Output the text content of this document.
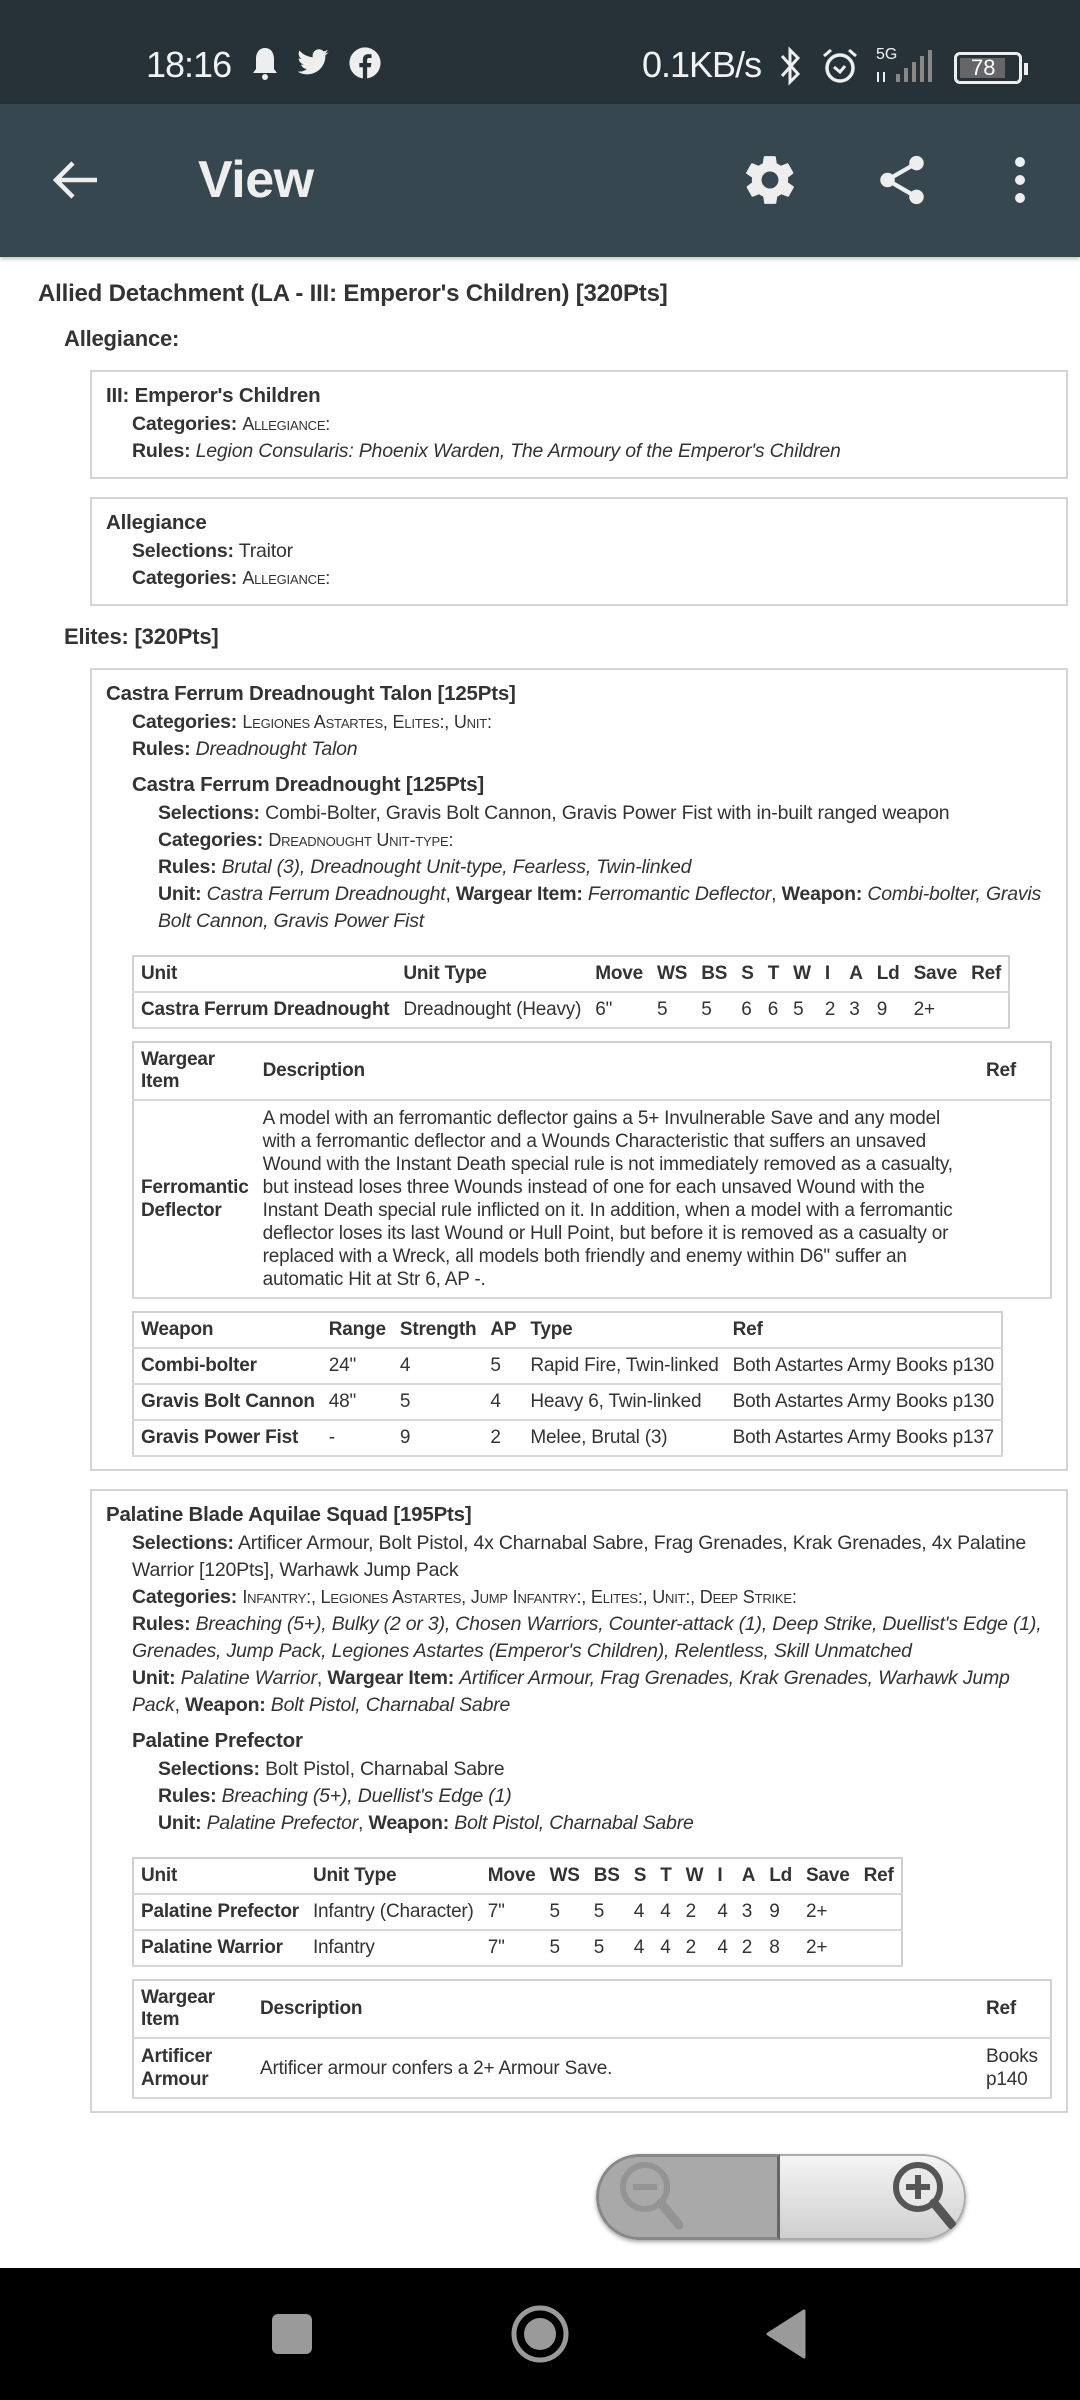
18:16	0.1KB/s	5G
78
View
Allied Detachment (LA - III: Emperor's Children) [320Pts]
Allegiance:
III: Emperor's Children
Categories: Allegiance:
Rules: Legion Consularis: Phoenix Warden, The Armoury of the Emperor's Children
Allegiance
Selections: Traitor
Categories: Allegiance:
Elites: [320Pts]
Castra Ferrum Dreadnought Talon [125Pts]
Categories: Legiones Astartes, Elites:, Unit:
Rules: Dreadnought Talon
Castra Ferrum Dreadnought [125Pts]
Selections: Combi-Bolter, Gravis Bolt Cannon, Gravis Power Fist with in-built ranged weapon
Categories: Dreadnought Unit-type:
Rules: Brutal (3), Dreadnought Unit-type, Fearless, Twin-linked
Unit: Castra Ferrum Dreadnought, Wargear Item: Ferromantic Deflector, Weapon: Combi-bolter, Gravis Bolt Cannon, Gravis Power Fist
Unit	Unit Type	Move	WS	BS	S	T	W	I	A	Ld	Save	Ref
Castra Ferrum Dreadnought	Dreadnought (Heavy)	6"	5	5	6	6	5	2	3	9	2+	
Wargear Item	Description	Ref
Ferromantic Deflector	A model with an ferromantic deflector gains a 5+ Invulnerable Save and any model with a ferromantic deflector and a Wounds Characteristic that suffers an unsaved Wound with the Instant Death special rule is not immediately removed as a casualty, but instead loses three Wounds instead of one for each unsaved Wound with the Instant Death special rule inflicted on it. In addition, when a model with a ferromantic deflector loses its last Wound or Hull Point, but before it is removed as a casualty or replaced with a Wreck, all models both friendly and enemy within D6" suffer an automatic Hit at Str 6, AP -.	
Weapon	Range	Strength	AP	Type	Ref
Combi-bolter	24"	4	5	Rapid Fire, Twin-linked	Both Astartes Army Books p130
Gravis Bolt Cannon	48"	5	4	Heavy 6, Twin-linked	Both Astartes Army Books p130
Gravis Power Fist	-	9	2	Melee, Brutal (3)	Both Astartes Army Books p137
Palatine Blade Aquilae Squad [195Pts]
Selections: Artificer Armour, Bolt Pistol, 4x Charnabal Sabre, Frag Grenades, Krak Grenades, 4x Palatine Warrior [120Pts], Warhawk Jump Pack
Categories: Infantry:, Legiones Astartes, Jump Infantry:, Elites:, Unit:, Deep Strike:
Rules: Breaching (5+), Bulky (2 or 3), Chosen Warriors, Counter-attack (1), Deep Strike, Duellist's Edge (1), Grenades, Jump Pack, Legiones Astartes (Emperor's Children), Relentless, Skill Unmatched
Unit: Palatine Warrior, Wargear Item: Artificer Armour, Frag Grenades, Krak Grenades, Warhawk Jump Pack, Weapon: Bolt Pistol, Charnabal Sabre
Palatine Prefector
Selections: Bolt Pistol, Charnabal Sabre
Rules: Breaching (5+), Duellist's Edge (1)
Unit: Palatine Prefector, Weapon: Bolt Pistol, Charnabal Sabre
Unit	Unit Type	Move	WS	BS	S	T	W	I	A	Ld	Save	Ref
Palatine Prefector	Infantry (Character)	7"	5	5	4	4	2	4	3	9	2+	
Palatine Warrior	Infantry	7"	5	5	4	4	2	4	2	8	2+	
Wargear Item	Description	Ref
Artificer Armour	Artificer armour confers a 2+ Armour Save.	Books p140
